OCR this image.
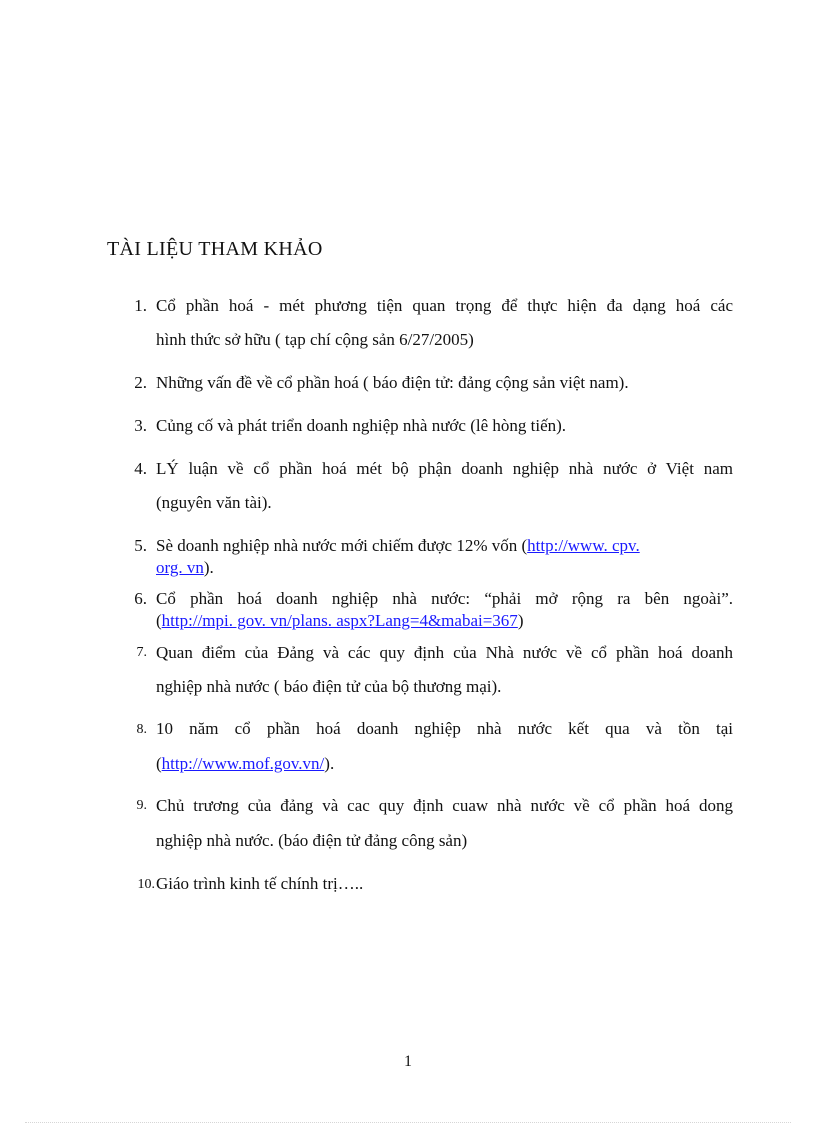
TÀI LIỆU THAM KHẢO
1. Cổ phần hoá - mét phương tiện quan trọng để thực hiện đa dạng hoá các
hình thức sở hữu ( tạp chí cộng sản 6/27/2005)
2. Những vấn đề về cổ phần hoá ( báo điện tử: đảng cộng sản việt nam).
3. Củng cố và phát triển doanh nghiệp nhà nước (lê hòng tiến).
4. LÝ luận về cổ phần hoá mét bộ phận doanh nghiệp nhà nước ở Việt nam
(nguyên văn tài).
5. Sè doanh nghiệp nhà nước mới chiếm được 12% vốn (http://www. cpv.
org. vn).
6. Cổ phần hoá doanh nghiệp nhà nước: “phải mở rộng ra bên ngoài”.
(http://mpi. gov. vn/plans. aspx?Lang=4&mabai=367)
7. Quan điểm của Đảng và các quy định của Nhà nước về cổ phần hoá doanh
nghiệp nhà nước ( báo điện tử của bộ thương mại).
8. 10 năm cổ phần hoá doanh nghiệp nhà nước kết qua và tồn tại
(http://www.mof.gov.vn/).
9. Chủ trương của đảng và cac quy định cuaw nhà nước về cổ phần hoá dong
nghiệp nhà nước. (báo điện tử đảng công sản)
10. Giáo trình kinh tế chính trị…..
1
